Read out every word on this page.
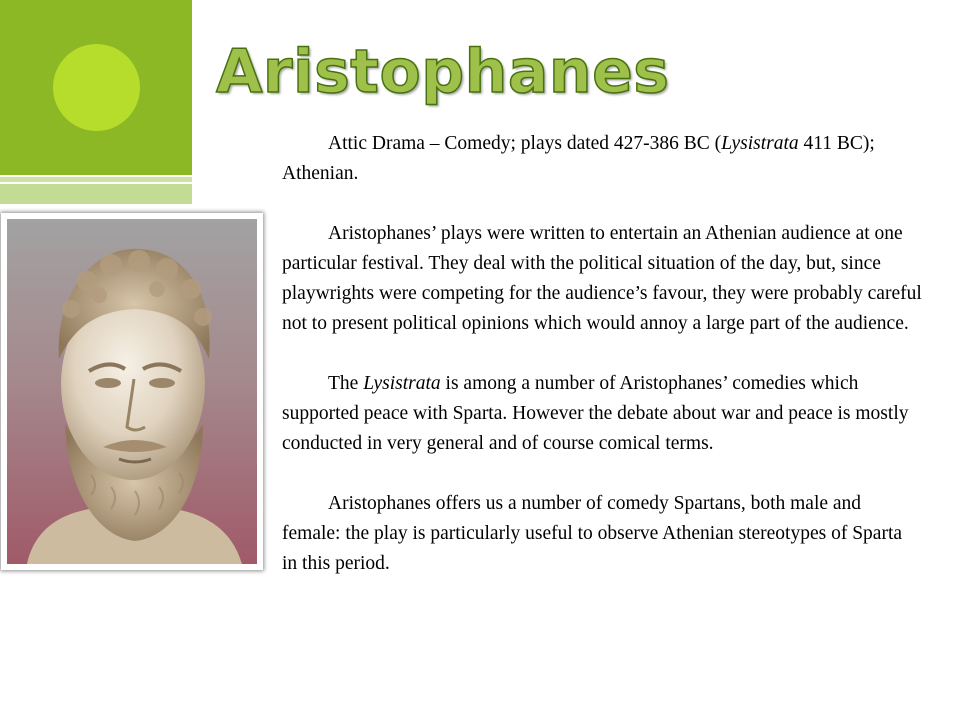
Aristophanes

Attic Drama – Comedy; plays dated 427-386 BC (Lysistrata 411 BC); Athenian.

Aristophanes’ plays were written to entertain an Athenian audience at one particular festival. They deal with the political situation of the day, but, since playwrights were competing for the audience’s favour, they were probably careful not to present political opinions which would annoy a large part of the audience.

The Lysistrata is among a number of Aristophanes’ comedies which supported peace with Sparta. However the debate about war and peace is mostly conducted in very general and of course comical terms.

Aristophanes offers us a number of comedy Spartans, both male and female: the play is particularly useful to observe Athenian stereotypes of Sparta in this period.
